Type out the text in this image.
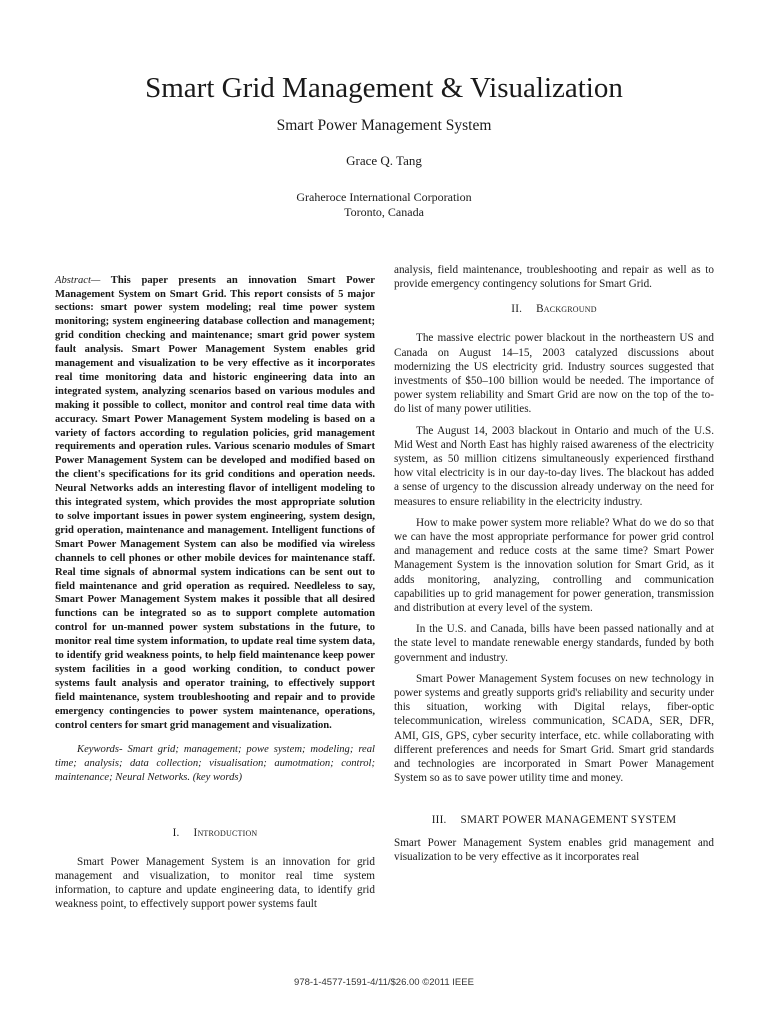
Smart Grid Management & Visualization
Smart Power Management System
Grace Q. Tang
Graheroce International Corporation
Toronto, Canada

Abstract— This paper presents an innovation Smart Power Management System on Smart Grid. This report consists of 5 major sections: smart power system modeling; real time power system monitoring; system engineering database collection and management; grid condition checking and maintenance; smart grid power system fault analysis. Smart Power Management System enables grid management and visualization to be very effective as it incorporates real time monitoring data and historic engineering data into an integrated system, analyzing scenarios based on various modules and making it possible to collect, monitor and control real time data with accuracy. Smart Power Management System modeling is based on a variety of factors according to regulation policies, grid management requirements and operation rules. Various scenario modules of Smart Power Management System can be developed and modified based on the client's specifications for its grid conditions and operation needs. Neural Networks adds an interesting flavor of intelligent modeling to this integrated system, which provides the most appropriate solution to solve important issues in power system engineering, system design, grid operation, maintenance and management. Intelligent functions of Smart Power Management System can also be modified via wireless channels to cell phones or other mobile devices for maintenance staff. Real time signals of abnormal system indications can be sent out to field maintenance and grid operation as required. Needleless to say, Smart Power Management System makes it possible that all desired functions can be integrated so as to support complete automation control for un-manned power system substations in the future, to monitor real time system information, to update real time system data, to identify grid weakness points, to help field maintenance keep power system facilities in a good working condition, to conduct power systems fault analysis and operator training, to effectively support field maintenance, system troubleshooting and repair and to provide emergency contingencies to power system maintenance, operations, control centers for smart grid management and visualization.

Keywords- Smart grid; management; powe system; modeling; real time; analysis; data collection; visualisation; aumotmation; control; maintenance; Neural Networks. (key words)

I. Introduction

Smart Power Management System is an innovation for grid management and visualization, to monitor real time system information, to capture and update engineering data, to identify grid weakness point, to effectively support power systems fault

analysis, field maintenance, troubleshooting and repair as well as to provide emergency contingency solutions for Smart Grid.

II. Background

The massive electric power blackout in the northeastern US and Canada on August 14–15, 2003 catalyzed discussions about modernizing the US electricity grid. Industry sources suggested that investments of $50–100 billion would be needed. The importance of power system reliability and Smart Grid are now on the top of the to-do list of many power utilities.

The August 14, 2003 blackout in Ontario and much of the U.S. Mid West and North East has highly raised awareness of the electricity system, as 50 million citizens simultaneously experienced firsthand how vital electricity is in our day-to-day lives. The blackout has added a sense of urgency to the discussion already underway on the need for measures to ensure reliability in the electricity industry.

How to make power system more reliable? What do we do so that we can have the most appropriate performance for power grid control and management and reduce costs at the same time? Smart Power Management System is the innovation solution for Smart Grid, as it adds monitoring, analyzing, controlling and communication capabilities up to grid management for power generation, transmission and distribution at every level of the system.

In the U.S. and Canada, bills have been passed nationally and at the state level to mandate renewable energy standards, funded by both government and industry.

Smart Power Management System focuses on new technology in power systems and greatly supports grid's reliability and security under this situation, working with Digital relays, fiber-optic telecommunication, wireless communication, SCADA, SER, DFR, AMI, GIS, GPS, cyber security interface, etc. while collaborating with different preferences and needs for Smart Grid. Smart grid standards and technologies are incorporated in Smart Power Management System so as to save power utility time and money.

III. SMART POWER MANAGEMENT SYSTEM

Smart Power Management System enables grid management and visualization to be very effective as it incorporates real

978-1-4577-1591-4/11/$26.00 ©2011 IEEE
